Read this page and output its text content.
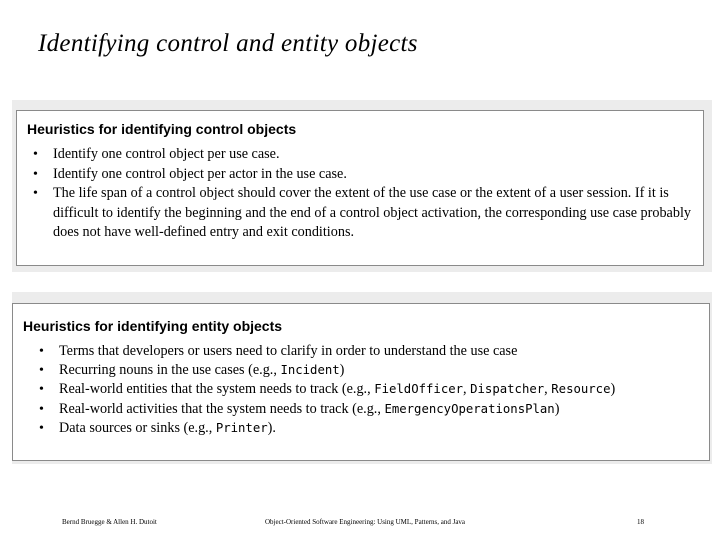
Identifying control and entity objects
Heuristics for identifying control objects
• Identify one control object per use case.
• Identify one control object per actor in the use case.
• The life span of a control object should cover the extent of the use case or the extent of a user session. If it is difficult to identify the beginning and the end of a control object activation, the corresponding use case probably does not have well-defined entry and exit conditions.
Heuristics for identifying entity objects
• Terms that developers or users need to clarify in order to understand the use case
• Recurring nouns in the use cases (e.g., Incident)
• Real-world entities that the system needs to track (e.g., FieldOfficer, Dispatcher, Resource)
• Real-world activities that the system needs to track (e.g., EmergencyOperationsPlan)
• Data sources or sinks (e.g., Printer).
Bernd Bruegge & Allen H. Dutoit	Object-Oriented Software Engineering: Using UML, Patterns, and Java	18
